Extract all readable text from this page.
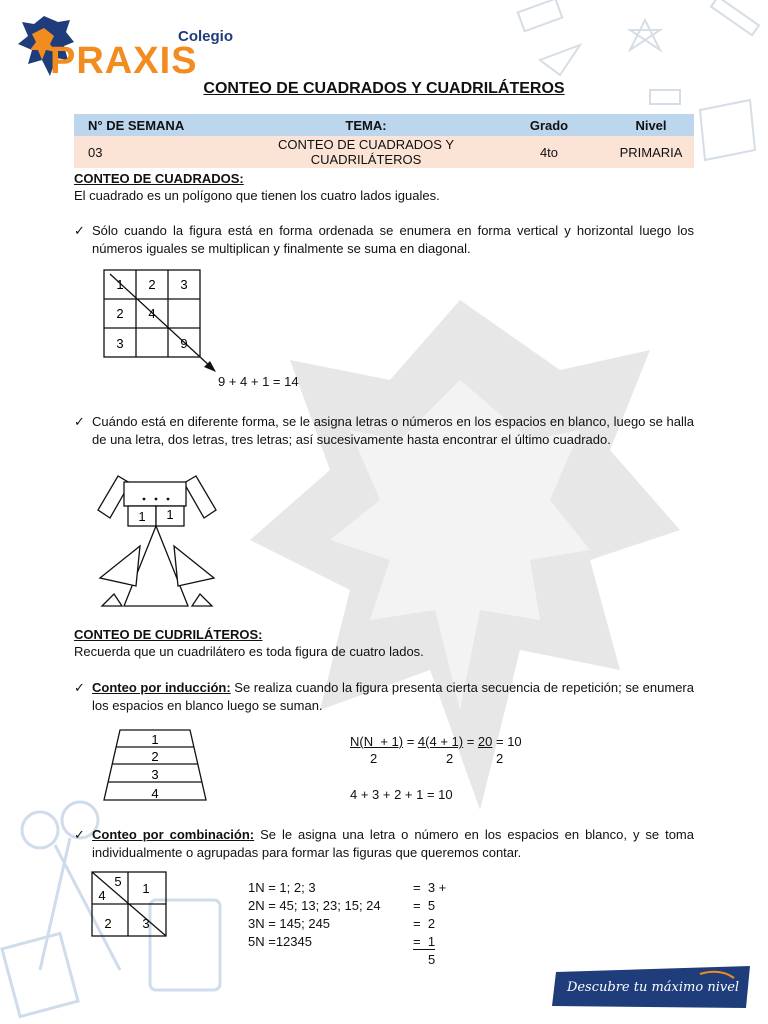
Colegio
PRAXIS
CONTEO DE CUADRADOS Y CUADRILÁTEROS
N° DE SEMANA	TEMA:	Grado	Nivel
03	CONTEO DE CUADRADOS Y CUADRILÁTEROS	4to	PRIMARIA
CONTEO DE CUADRADOS:
El cuadrado es un polígono que tienen los cuatro lados iguales.
✓ Sólo cuando la figura está en forma ordenada se enumera en forma vertical y horizontal luego los números iguales se multiplican y finalmente se suma en diagonal.
1 2 3
2 4
3	9
9 + 4 + 1 = 14
✓ Cuándo está en diferente forma, se le asigna letras o números en los espacios en blanco, luego se halla de una letra, dos letras, tres letras; así sucesivamente hasta encontrar el último cuadrado.
1 1
CONTEO DE CUDRILÁTEROS:
Recuerda que un cuadrilátero es toda figura de cuatro lados.
✓ Conteo por inducción: Se realiza cuando la figura presenta cierta secuencia de repetición; se enumera los espacios en blanco luego se suman.
1
2
3
4
N(N  + 1) = 4(4 + 1) = 20 = 10
2	2	2
4 + 3 + 2 + 1 = 10
✓ Conteo por combinación: Se le asigna una letra o número en los espacios en blanco, y se toma individualmente o agrupadas para formar las figuras que queremos contar.
5
4	1
2 3
1N = 1; 2; 3	=  3 +
2N = 45; 13; 23; 15; 24 =  5
3N = 145; 245	=  2
5N =12345	=  1
5
Descubre tu máximo nivel
